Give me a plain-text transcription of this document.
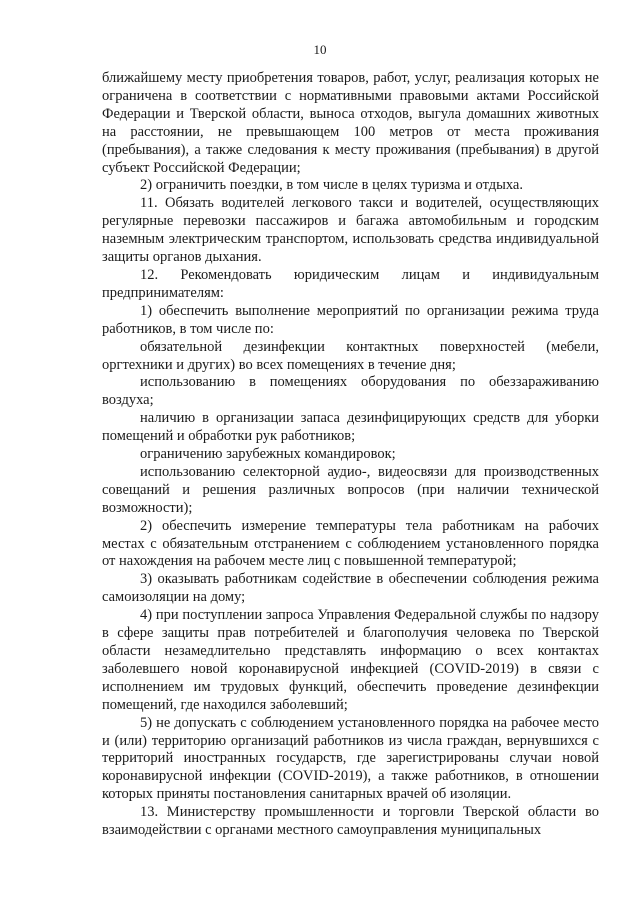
10

ближайшему месту приобретения товаров, работ, услуг, реализация которых не ограничена в соответствии с нормативными правовыми актами Российской Федерации и Тверской области, выноса отходов, выгула домашних животных на расстоянии, не превышающем 100 метров от места проживания (пребывания), а также следования к месту проживания (пребывания) в другой субъект Российской Федерации;

2) ограничить поездки, в том числе в целях туризма и отдыха.

11. Обязать водителей легкового такси и водителей, осуществляющих регулярные перевозки пассажиров и багажа автомобильным и городским наземным электрическим транспортом, использовать средства индивидуальной защиты органов дыхания.

12. Рекомендовать юридическим лицам и индивидуальным предпринимателям:

1) обеспечить выполнение мероприятий по организации режима труда работников, в том числе по:

обязательной дезинфекции контактных поверхностей (мебели, оргтехники и других) во всех помещениях в течение дня;

использованию в помещениях оборудования по обеззараживанию воздуха;

наличию в организации запаса дезинфицирующих средств для уборки помещений и обработки рук работников;

ограничению зарубежных командировок;

использованию селекторной аудио-, видеосвязи для производственных совещаний и решения различных вопросов (при наличии технической возможности);

2) обеспечить измерение температуры тела работникам на рабочих местах с обязательным отстранением с соблюдением установленного порядка от нахождения на рабочем месте лиц с повышенной температурой;

3) оказывать работникам содействие в обеспечении соблюдения режима самоизоляции на дому;

4) при поступлении запроса Управления Федеральной службы по надзору в сфере защиты прав потребителей и благополучия человека по Тверской области незамедлительно представлять информацию о всех контактах заболевшего новой коронавирусной инфекцией (COVID-2019) в связи с исполнением им трудовых функций, обеспечить проведение дезинфекции помещений, где находился заболевший;

5) не допускать с соблюдением установленного порядка на рабочее место и (или) территорию организаций работников из числа граждан, вернувшихся с территорий иностранных государств, где зарегистрированы случаи новой коронавирусной инфекции (COVID-2019), а также работников, в отношении которых приняты постановления санитарных врачей об изоляции.

13. Министерству промышленности и торговли Тверской области во взаимодействии с органами местного самоуправления муниципальных
